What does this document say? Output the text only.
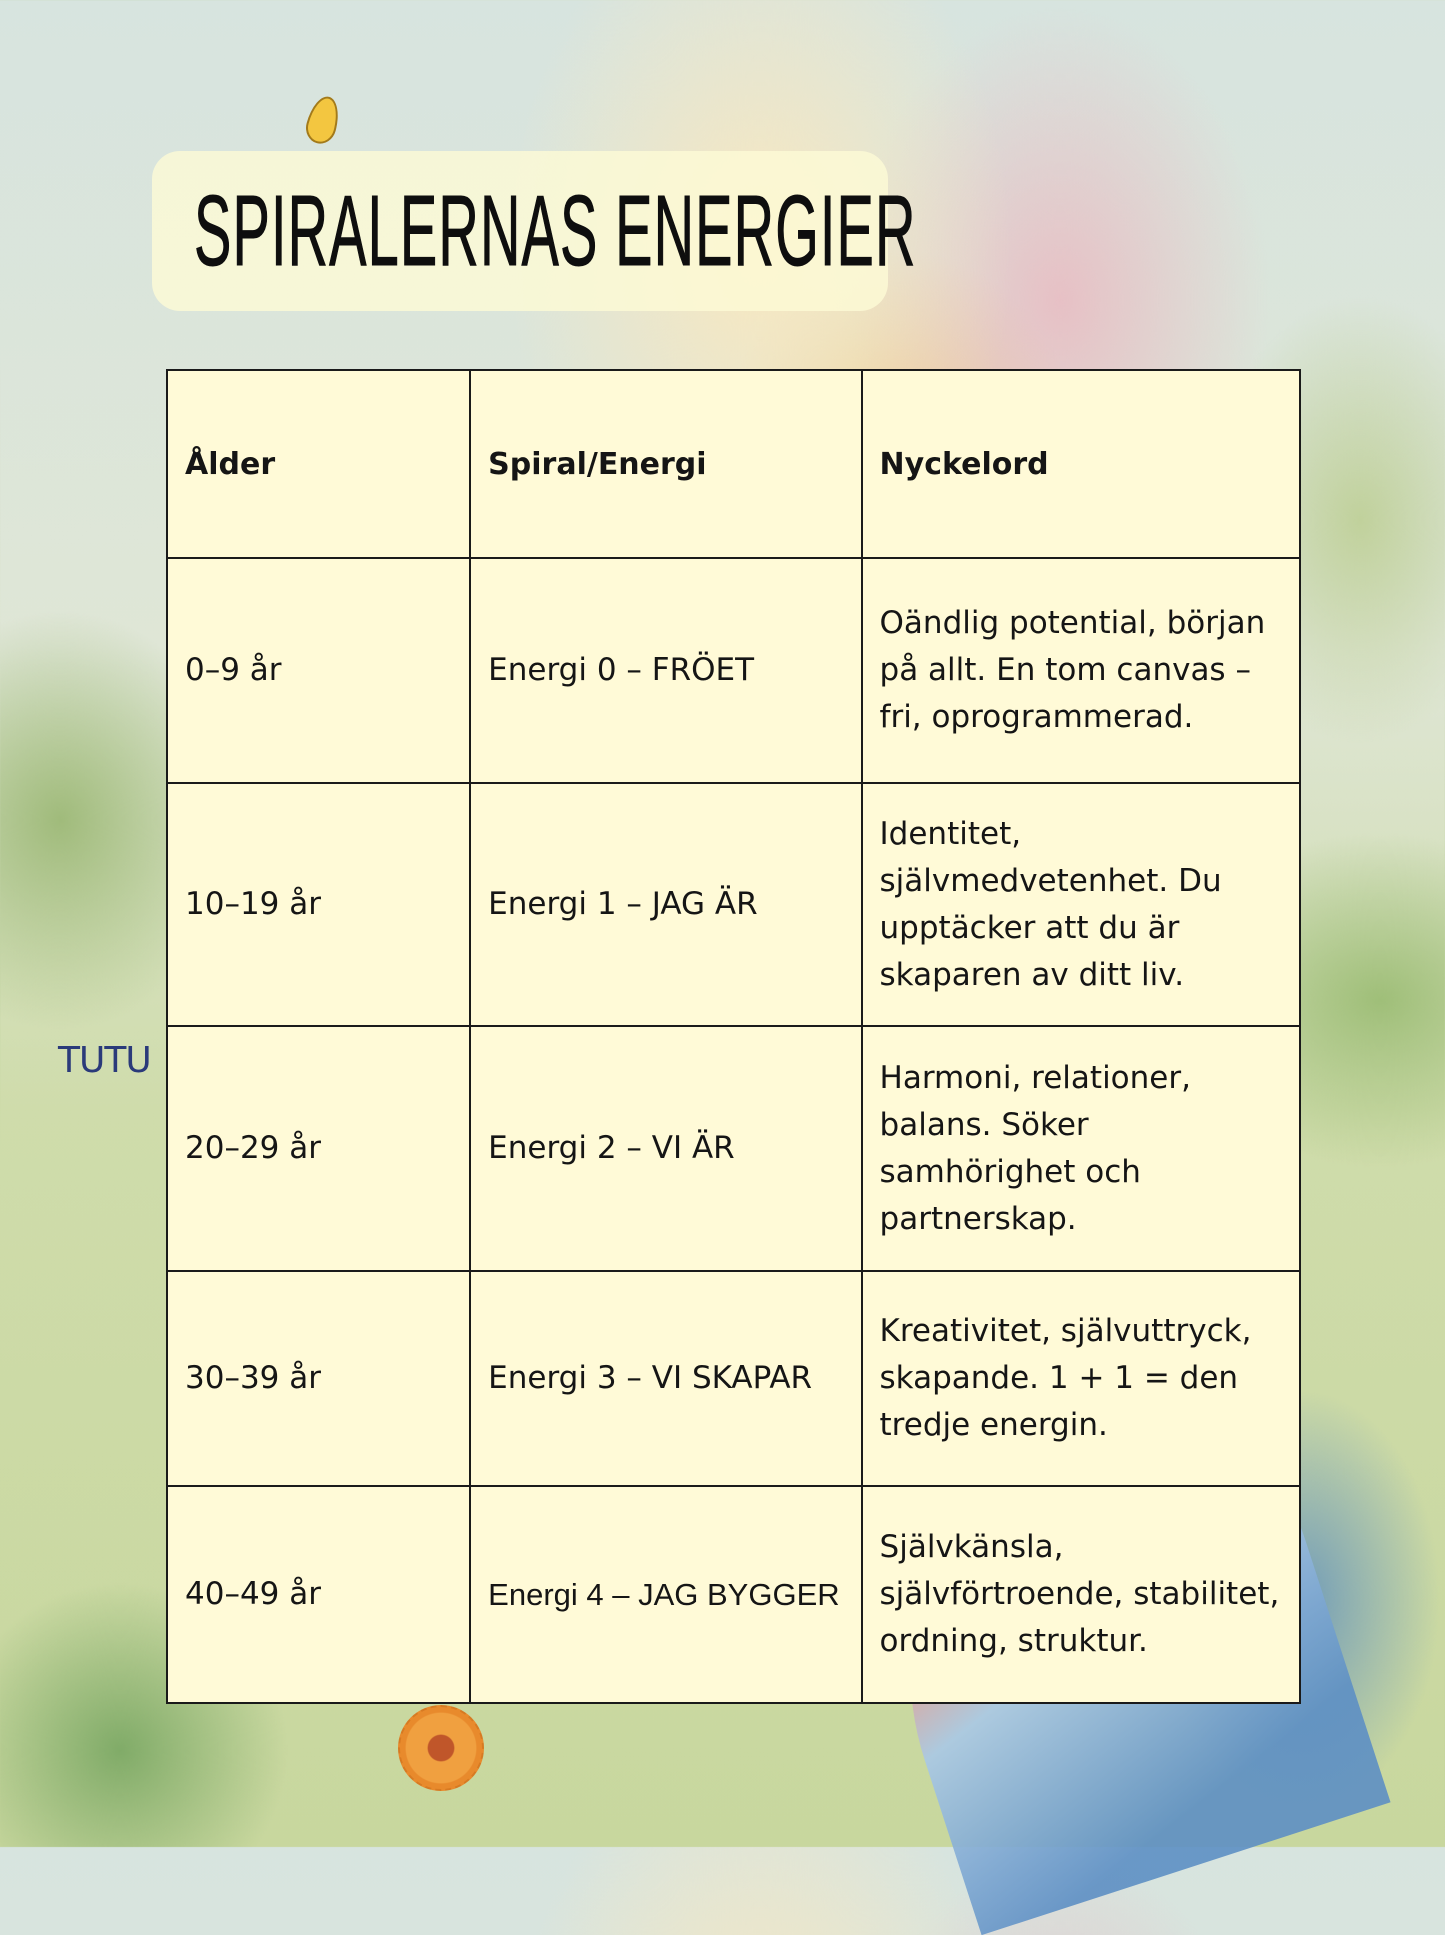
TUTU
SPIRALERNAS ENERGIER
Ålder	Spiral/Energi	Nyckelord
0–9 år	Energi 0 – FRÖET	Oändlig potential, början på allt. En tom canvas – fri, oprogrammerad.
10–19 år	Energi 1 – JAG ÄR	Identitet, självmedvetenhet. Du upptäcker att du är skaparen av ditt liv.
20–29 år	Energi 2 – VI ÄR	Harmoni, relationer, balans. Söker samhörighet och partnerskap.
30–39 år	Energi 3 – VI SKAPAR	Kreativitet, självuttryck, skapande. 1 + 1 = den tredje energin.
40–49 år	Energi 4 – JAG BYGGER	Självkänsla, självförtroende, stabilitet, ordning, struktur.
